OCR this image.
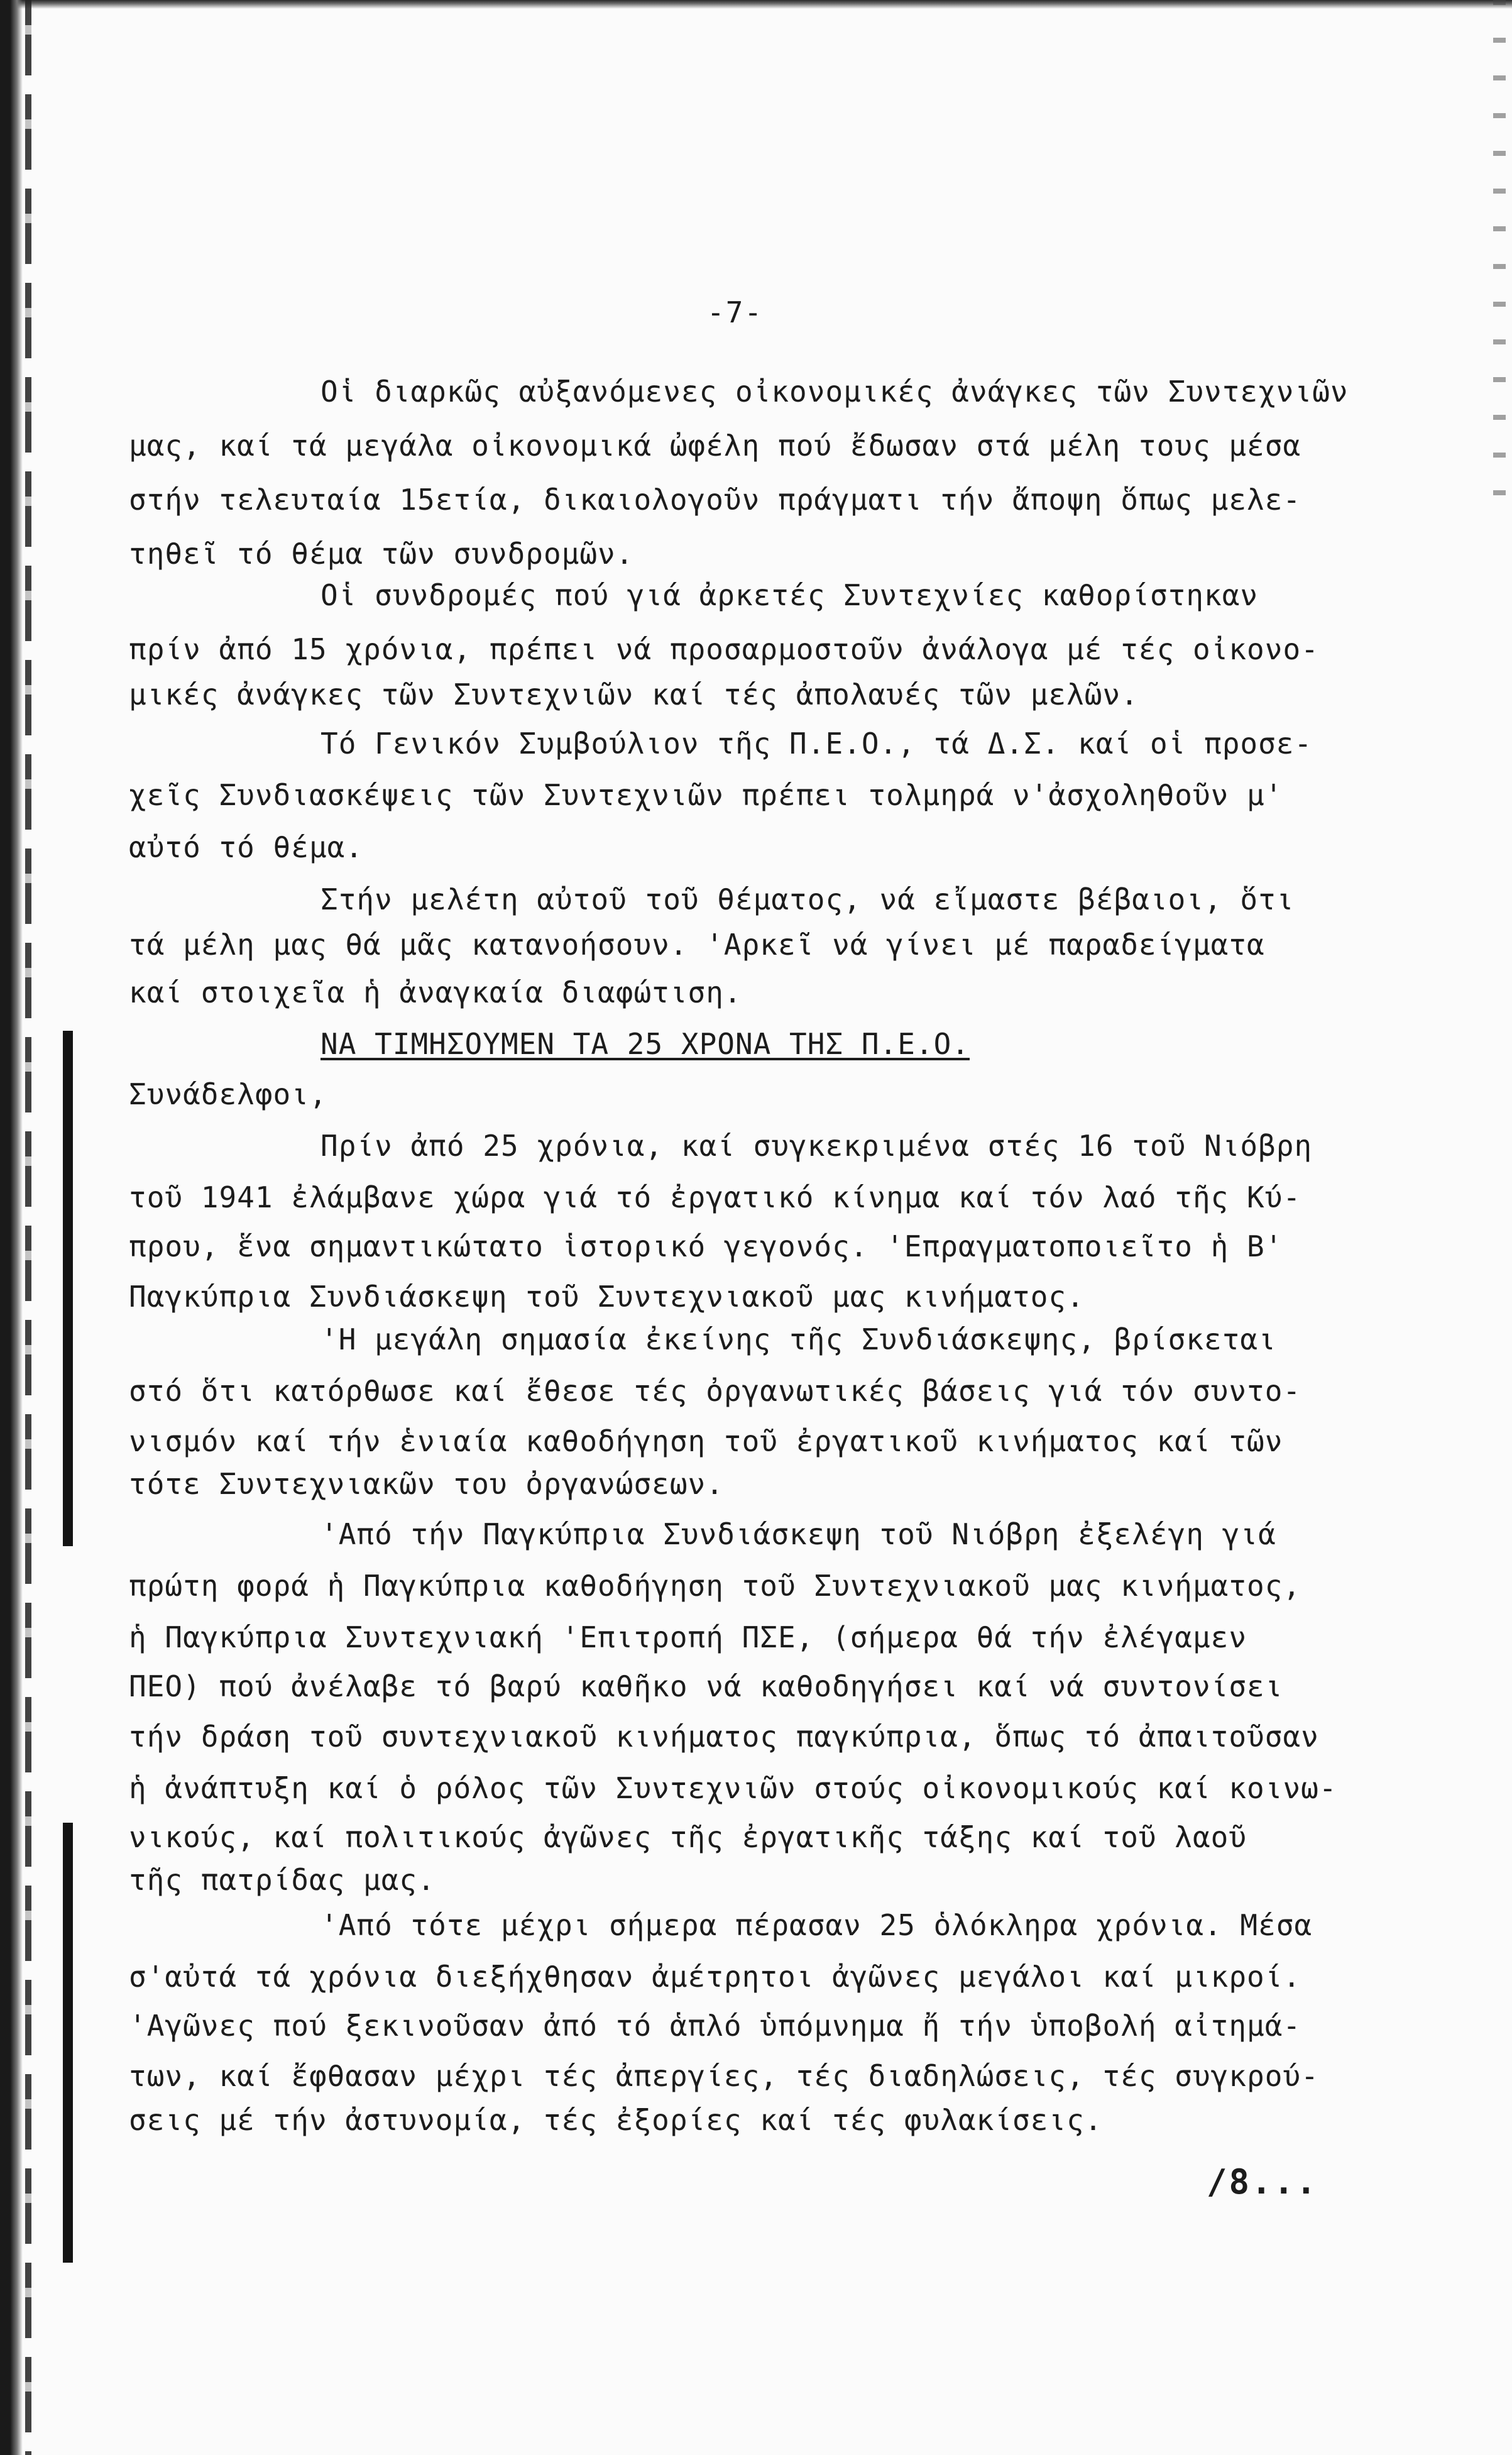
-7-
Οἱ διαρκῶς αὐξανόμενες οἰκονομικές ἀνάγκες τῶν Συντεχνιῶν
μας, καί τά μεγάλα οἰκονομικά ὠφέλη πού ἔδωσαν στά μέλη τους μέσα
στήν τελευταία 15ετία, δικαιολογοῦν πράγματι τήν ἄποψη ὅπως μελε-
τηθεῖ τό θέμα τῶν συνδρομῶν.
Οἱ συνδρομές πού γιά ἀρκετές Συντεχνίες καθορίστηκαν
πρίν ἀπό 15 χρόνια, πρέπει νά προσαρμοστοῦν ἀνάλογα μέ τές οἰκονο-
μικές ἀνάγκες τῶν Συντεχνιῶν καί τές ἀπολαυές τῶν μελῶν.
Τό Γενικόν Συμβούλιον τῆς Π.Ε.Ο., τά Δ.Σ. καί οἱ προσε-
χεῖς Συνδιασκέψεις τῶν Συντεχνιῶν πρέπει τολμηρά ν'ἀσχοληθοῦν μ'
αὐτό τό θέμα.
Στήν μελέτη αὐτοῦ τοῦ θέματος, νά εἴμαστε βέβαιοι, ὅτι
τά μέλη μας θά μᾶς κατανοήσουν. 'Αρκεῖ νά γίνει μέ παραδείγματα
καί στοιχεῖα ἡ ἀναγκαία διαφώτιση.
ΝΑ ΤΙΜΗΣΟΥΜΕΝ ΤΑ 25 ΧΡΟΝΑ ΤΗΣ Π.Ε.Ο.
Συνάδελφοι,
Πρίν ἀπό 25 χρόνια, καί συγκεκριμένα στές 16 τοῦ Νιόβρη
τοῦ 1941 ἐλάμβανε χώρα γιά τό ἐργατικό κίνημα καί τόν λαό τῆς Κύ-
πρου, ἕνα σημαντικώτατο ἱστορικό γεγονός. 'Επραγματοποιεῖτο ἡ Β'
Παγκύπρια Συνδιάσκεψη τοῦ Συντεχνιακοῦ μας κινήματος.
'Η μεγάλη σημασία ἐκείνης τῆς Συνδιάσκεψης, βρίσκεται
στό ὅτι κατόρθωσε καί ἔθεσε τές ὀργανωτικές βάσεις γιά τόν συντο-
νισμόν καί τήν ἑνιαία καθοδήγηση τοῦ ἐργατικοῦ κινήματος καί τῶν
τότε Συντεχνιακῶν του ὀργανώσεων.
'Από τήν Παγκύπρια Συνδιάσκεψη τοῦ Νιόβρη ἐξελέγη γιά
πρώτη φορά ἡ Παγκύπρια καθοδήγηση τοῦ Συντεχνιακοῦ μας κινήματος,
ἡ Παγκύπρια Συντεχνιακή 'Επιτροπή ΠΣΕ, (σήμερα θά τήν ἐλέγαμεν
ΠΕΟ) πού ἀνέλαβε τό βαρύ καθῆκο νά καθοδηγήσει καί νά συντονίσει
τήν δράση τοῦ συντεχνιακοῦ κινήματος παγκύπρια, ὅπως τό ἀπαιτοῦσαν
ἡ ἀνάπτυξη καί ὁ ρόλος τῶν Συντεχνιῶν στούς οἰκονομικούς καί κοινω-
νικούς, καί πολιτικούς ἀγῶνες τῆς ἐργατικῆς τάξης καί τοῦ λαοῦ
τῆς πατρίδας μας.
'Από τότε μέχρι σήμερα πέρασαν 25 ὁλόκληρα χρόνια. Μέσα
σ'αὐτά τά χρόνια διεξήχθησαν ἀμέτρητοι ἀγῶνες μεγάλοι καί μικροί.
'Αγῶνες πού ξεκινοῦσαν ἀπό τό ἁπλό ὑπόμνημα ἤ τήν ὑποβολή αἰτημά-
των, καί ἔφθασαν μέχρι τές ἀπεργίες, τές διαδηλώσεις, τές συγκρού-
σεις μέ τήν ἀστυνομία, τές ἐξορίες καί τές φυλακίσεις.
/8...
